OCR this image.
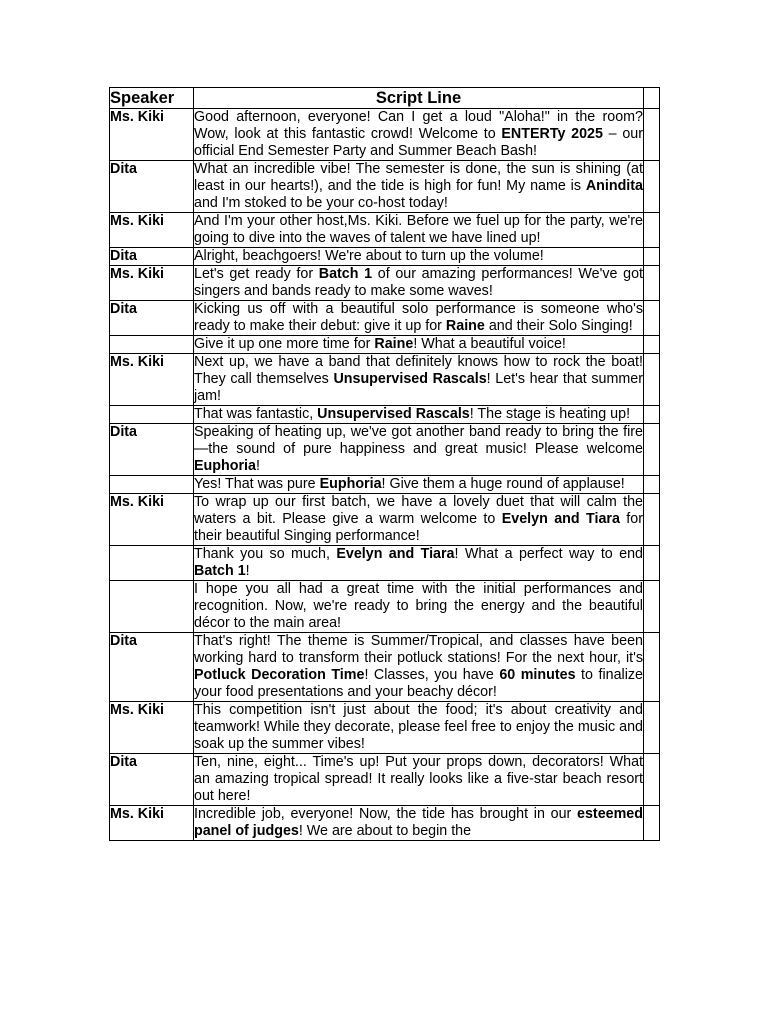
Speaker	Script Line	
Ms. Kiki	Good afternoon, everyone! Can I get a loud "Aloha!" in the room? Wow, look at this fantastic crowd! Welcome to ENTERTy 2025 – our official End Semester Party and Summer Beach Bash!	
Dita	What an incredible vibe! The semester is done, the sun is shining (at least in our hearts!), and the tide is high for fun! My name is Anindita and I'm stoked to be your co-host today!	
Ms. Kiki	And I'm your other host,Ms. Kiki. Before we fuel up for the party, we're going to dive into the waves of talent we have lined up!	
Dita	Alright, beachgoers! We're about to turn up the volume!	
Ms. Kiki	Let's get ready for Batch 1 of our amazing performances! We've got singers and bands ready to make some waves!	
Dita	Kicking us off with a beautiful solo performance is someone who's ready to make their debut: give it up for Raine and their Solo Singing!	
	Give it up one more time for Raine! What a beautiful voice!	
Ms. Kiki	Next up, we have a band that definitely knows how to rock the boat! They call themselves Unsupervised Rascals! Let's hear that summer jam!	
	That was fantastic, Unsupervised Rascals! The stage is heating up!	
Dita	Speaking of heating up, we've got another band ready to bring the fire—the sound of pure happiness and great music! Please welcome Euphoria!	
	Yes! That was pure Euphoria! Give them a huge round of applause!	
Ms. Kiki	To wrap up our first batch, we have a lovely duet that will calm the waters a bit. Please give a warm welcome to Evelyn and Tiara for their beautiful Singing performance!	
	Thank you so much, Evelyn and Tiara! What a perfect way to end Batch 1!	
	I hope you all had a great time with the initial performances and recognition. Now, we're ready to bring the energy and the beautiful décor to the main area!	
Dita	That's right! The theme is Summer/Tropical, and classes have been working hard to transform their potluck stations! For the next hour, it's Potluck Decoration Time! Classes, you have 60 minutes to finalize your food presentations and your beachy décor!	
Ms. Kiki	This competition isn't just about the food; it's about creativity and teamwork! While they decorate, please feel free to enjoy the music and soak up the summer vibes!	
Dita	Ten, nine, eight... Time's up! Put your props down, decorators! What an amazing tropical spread! It really looks like a five-star beach resort out here!	
Ms. Kiki	Incredible job, everyone! Now, the tide has brought in our esteemed panel of judges! We are about to begin the	
